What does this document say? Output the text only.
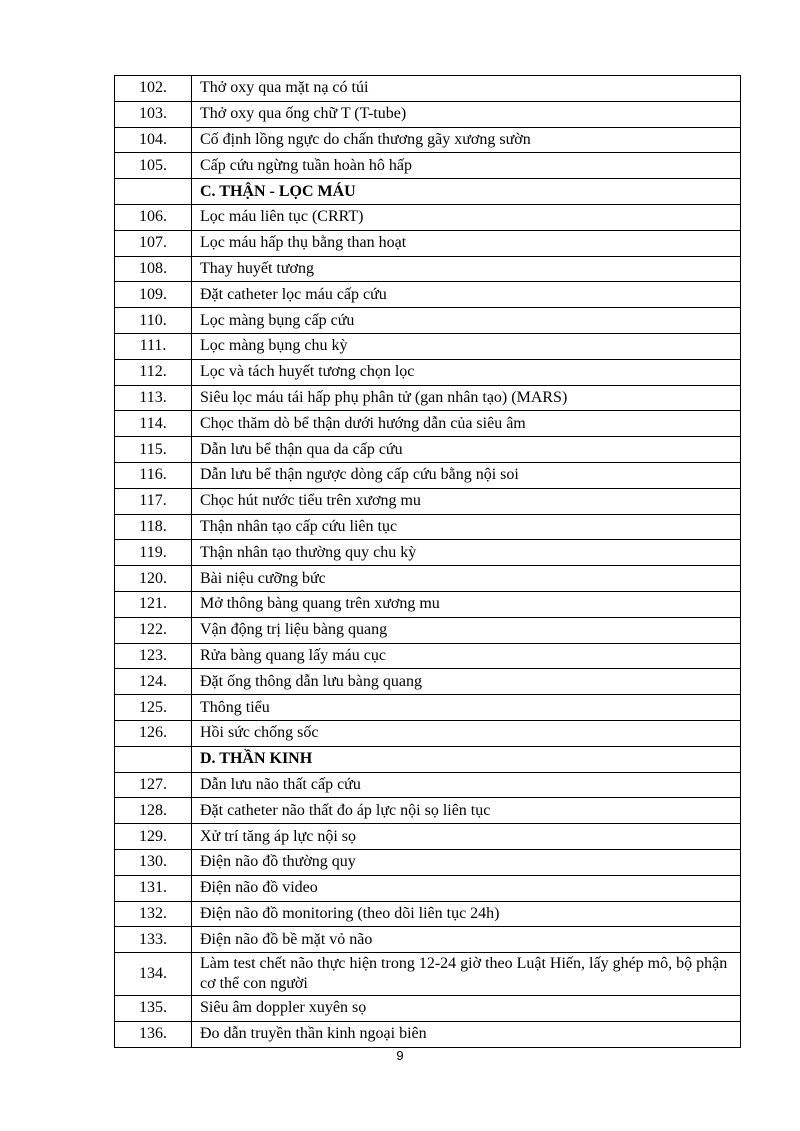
102.	Thở oxy qua mặt nạ có túi
103.	Thở oxy qua ống chữ T (T-tube)
104.	Cố định lồng ngực do chấn thương gãy xương sườn
105.	Cấp cứu ngừng tuần hoàn hô hấp
	C. THẬN - LỌC MÁU
106.	Lọc máu liên tục (CRRT)
107.	Lọc máu hấp thụ bằng than hoạt
108.	Thay huyết tương
109.	Đặt catheter lọc máu cấp cứu
110.	Lọc màng bụng cấp cứu
111.	Lọc màng bụng chu kỳ
112.	Lọc và tách huyết tương chọn lọc
113.	Siêu lọc máu tái hấp phụ phân tử (gan nhân tạo) (MARS)
114.	Chọc thăm dò bể thận dưới hướng dẫn của siêu âm
115.	Dẫn lưu bể thận qua da cấp cứu
116.	Dẫn lưu bể thận ngược dòng cấp cứu bằng nội soi
117.	Chọc hút nước tiểu trên xương mu
118.	Thận nhân tạo cấp cứu liên tục
119.	Thận nhân tạo thường quy chu kỳ
120.	Bài niệu cưỡng bức
121.	Mở thông bàng quang trên xương mu
122.	Vận động trị liệu bàng quang
123.	Rửa bàng quang lấy máu cục
124.	Đặt ống thông dẫn lưu bàng quang
125.	Thông tiểu
126.	Hồi sức chống sốc
	D. THẦN KINH
127.	Dẫn lưu não thất cấp cứu
128.	Đặt catheter não thất đo áp lực nội sọ liên tục
129.	Xử trí tăng áp lực nội sọ
130.	Điện não đồ thường quy
131.	Điện não đồ video
132.	Điện não đồ monitoring (theo dõi liên tục 24h)
133.	Điện não đồ bề mặt vỏ não
134.	Làm test chết não thực hiện trong 12-24 giờ theo Luật Hiến, lấy ghép mô, bộ phận cơ thể con người
135.	Siêu âm doppler xuyên sọ
136.	Đo dẫn truyền thần kinh ngoại biên
9
